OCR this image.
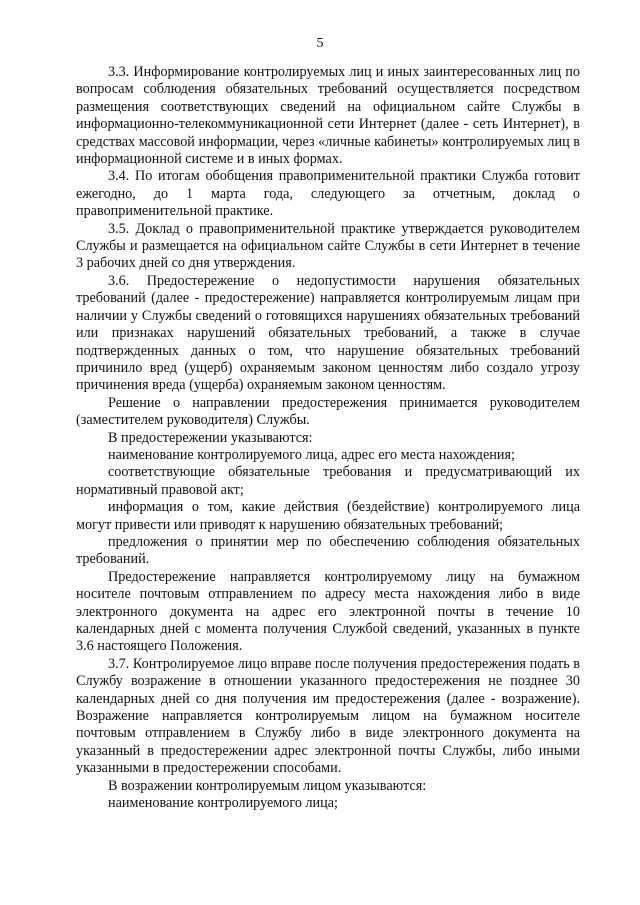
5

3.3. Информирование контролируемых лиц и иных заинтересованных лиц по вопросам соблюдения обязательных требований осуществляется посредством размещения соответствующих сведений на официальном сайте Службы в информационно-телекоммуникационной сети Интернет (далее - сеть Интернет), в средствах массовой информации, через «личные кабинеты» контролируемых лиц в информационной системе и в иных формах.

3.4. По итогам обобщения правоприменительной практики Служба готовит ежегодно, до 1 марта года, следующего за отчетным, доклад о правоприменительной практике.

3.5. Доклад о правоприменительной практике утверждается руководителем Службы и размещается на официальном сайте Службы в сети Интернет в течение 3 рабочих дней со дня утверждения.

3.6. Предостережение о недопустимости нарушения обязательных требований (далее - предостережение) направляется контролируемым лицам при наличии у Службы сведений о готовящихся нарушениях обязательных требований или признаках нарушений обязательных требований, а также в случае подтвержденных данных о том, что нарушение обязательных требований причинило вред (ущерб) охраняемым законом ценностям либо создало угрозу причинения вреда (ущерба) охраняемым законом ценностям.

Решение о направлении предостережения принимается руководителем (заместителем руководителя) Службы.

В предостережении указываются:

наименование контролируемого лица, адрес его места нахождения;

соответствующие обязательные требования и предусматривающий их нормативный правовой акт;

информация о том, какие действия (бездействие) контролируемого лица могут привести или приводят к нарушению обязательных требований;

предложения о принятии мер по обеспечению соблюдения обязательных требований.

Предостережение направляется контролируемому лицу на бумажном носителе почтовым отправлением по адресу места нахождения либо в виде электронного документа на адрес его электронной почты в течение 10 календарных дней с момента получения Службой сведений, указанных в пункте 3.6 настоящего Положения.

3.7. Контролируемое лицо вправе после получения предостережения подать в Службу возражение в отношении указанного предостережения не позднее 30 календарных дней со дня получения им предостережения (далее - возражение). Возражение направляется контролируемым лицом на бумажном носителе почтовым отправлением в Службу либо в виде электронного документа на указанный в предостережении адрес электронной почты Службы, либо иными указанными в предостережении способами.

В возражении контролируемым лицом указываются:

наименование контролируемого лица;
